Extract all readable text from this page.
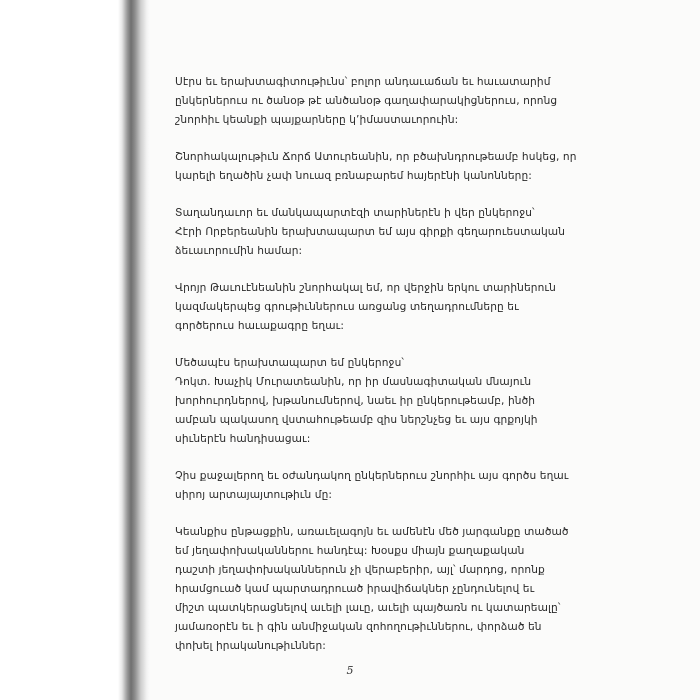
Սէրս եւ երախտագիտութիւնս՝ բոլոր անդաւաճան եւ հաւատարիմ
ընկերներուս ու ծանօթ թէ անծանօթ գաղափարակիցներուս, որոնց
շնորհիւ կեանքի պայքարները կ՚իմաստաւորուին:
Շնորհակալութիւն Ճորճ Ատուրեանին, որ բծախնդրութեամբ հսկեց, որ
կարելի եղածին չափ նուազ բռնաբարեմ հայերէնի կանոնները:
Տաղանդաւոր եւ մանկապարտէզի տարիներէն ի վեր ընկերոջս՝
Հէրի Որբերեանին երախտապարտ եմ այս գիրքի գեղարուեստական
ձեւաւորումին համար:
Վրոյր Թաւուէնեանին շնորհակալ եմ, որ վերջին երկու տարիներուն
կազմակերպեց գրութիւններուս առցանց տեղադրումները եւ
գործերուս հաւաքագրը եղաւ:
Մեծապէս երախտապարտ եմ ընկերոջս՝
Դոկտ. Խաչիկ Մուրատեանին, որ իր մասնագիտական մնայուն
խորհուրդներով, խթանումներով, նաեւ իր ընկերութեամբ, ինծի
ամբան պակասող վստահութեամբ զիս ներշնչեց եւ այս գրքոյկի
սիւներէն հանդիսացաւ:
Չիս քաջալերող եւ օժանդակող ընկերներուս շնորհիւ այս գործս եղաւ
սիրոյ արտայայտութիւն մը:
Կեանքիս ընթացքին, առաւելագոյն եւ ամենէն մեծ յարգանքը տածած
եմ յեղափոխականներու հանդէպ: Խօսքս միայն քաղաքական
դաշտի յեղափոխականներուն չի վերաբերիր, այլ՝ մարդոց, որոնք
հրամցուած կամ պարտադրուած իրավիճակներ չընդունելով եւ
միշտ պատկերացնելով աւելի լաւը, աւելի պայծառն ու կատարեալը՝
յամառօրէն եւ ի գին անմիջական զոհողութիւններու, փորձած են
փոխել իրականութիւններ:
5
